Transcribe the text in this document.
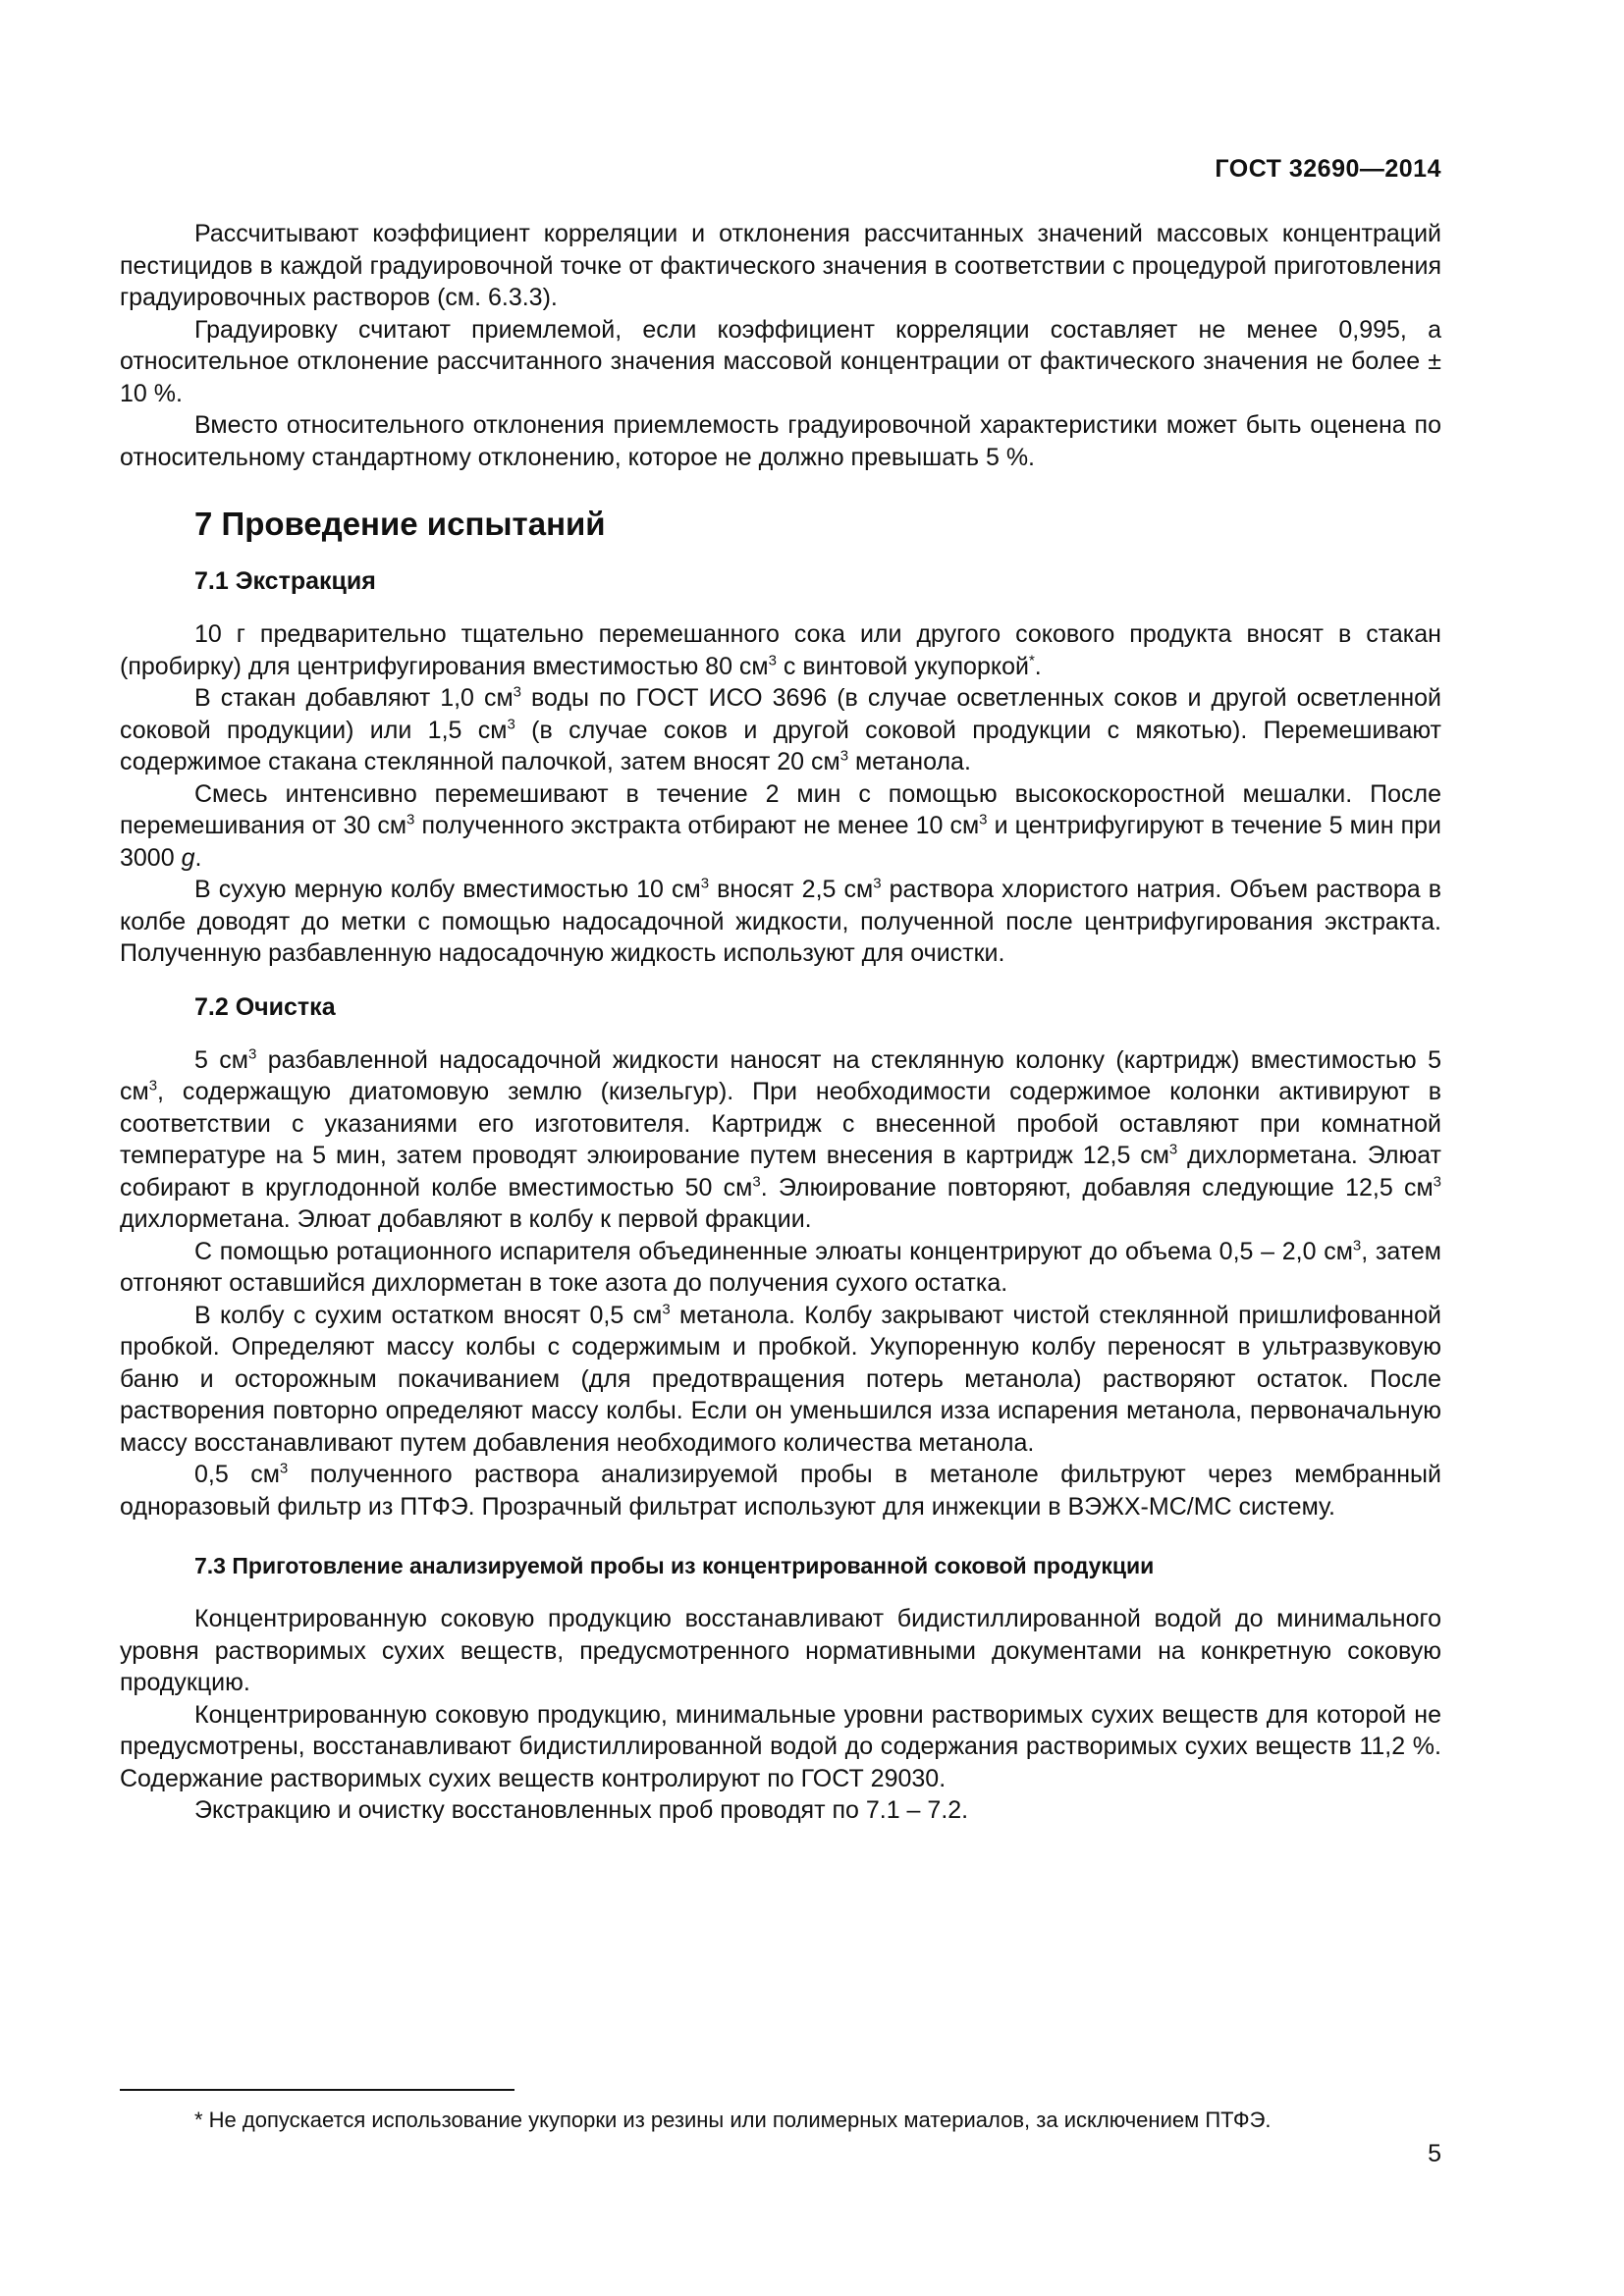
ГОСТ 32690—2014

Рассчитывают коэффициент корреляции и отклонения рассчитанных значений массовых концентраций пестицидов в каждой градуировочной точке от фактического значения в соответствии с процедурой приготовления градуировочных растворов (см. 6.3.3).

Градуировку считают приемлемой, если коэффициент корреляции составляет не менее 0,995, а относительное отклонение рассчитанного значения массовой концентрации от фактического значения не более ± 10 %.

Вместо относительного отклонения приемлемость градуировочной характеристики может быть оценена по относительному стандартному отклонению, которое не должно превышать 5 %.

7 Проведение испытаний
7.1 Экстракция

10 г предварительно тщательно перемешанного сока или другого сокового продукта вносят в стакан (пробирку) для центрифугирования вместимостью 80 $см^3$ с винтовой укупоркой*.

В стакан добавляют 1,0 $см^3$ воды по ГОСТ ИСО 3696 (в случае осветленных соков и другой осветленной соковой продукции) или 1,5 $см^3$ (в случае соков и другой соковой продукции с мякотью). Перемешивают содержимое стакана стеклянной палочкой, затем вносят 20 $см^3$ метанола.

Смесь интенсивно перемешивают в течение 2 мин с помощью высокоскоростной мешалки. После перемешивания от 30 $см^3$ полученного экстракта отбирают не менее 10 $см^3$ и центрифугируют в течение 5 мин при 3000 g.

В сухую мерную колбу вместимостью 10 $см^3$ вносят 2,5 $см^3$ раствора хлористого натрия. Объем раствора в колбе доводят до метки с помощью надосадочной жидкости, полученной после центрифугирования экстракта. Полученную разбавленную надосадочную жидкость используют для очистки.

7.2 Очистка

5 $см^3$ разбавленной надосадочной жидкости наносят на стеклянную колонку (картридж) вместимостью 5 $см^3$, содержащую диатомовую землю (кизельгур). При необходимости содержимое колонки активируют в соответствии с указаниями его изготовителя. Картридж с внесенной пробой оставляют при комнатной температуре на 5 мин, затем проводят элюирование путем внесения в картридж 12,5 $см^3$ дихлорметана. Элюат собирают в круглодонной колбе вместимостью 50 $см^3$. Элюирование повторяют, добавляя следующие 12,5 $см^3$ дихлорметана. Элюат добавляют в колбу к первой фракции.

С помощью ротационного испарителя объединенные элюаты концентрируют до объема 0,5 – 2,0 $см^3$, затем отгоняют оставшийся дихлорметан в токе азота до получения сухого остатка.

В колбу с сухим остатком вносят 0,5 $см^3$ метанола. Колбу закрывают чистой стеклянной пришлифованной пробкой. Определяют массу колбы с содержимым и пробкой. Укупоренную колбу переносят в ультразвуковую баню и осторожным покачиванием (для предотвращения потерь метанола) растворяют остаток. После растворения повторно определяют массу колбы. Если он уменьшился изза испарения метанола, первоначальную массу восстанавливают путем добавления необходимого количества метанола.

0,5 $см^3$ полученного раствора анализируемой пробы в метаноле фильтруют через мембранный одноразовый фильтр из ПТФЭ. Прозрачный фильтрат используют для инжекции в ВЭЖХ-МС/МС систему.

7.3 Приготовление анализируемой пробы из концентрированной соковой продукции

Концентрированную соковую продукцию восстанавливают бидистиллированной водой до минимального уровня растворимых сухих веществ, предусмотренного нормативными документами на конкретную соковую продукцию.

Концентрированную соковую продукцию, минимальные уровни растворимых сухих веществ для которой не предусмотрены, восстанавливают бидистиллированной водой до содержания растворимых сухих веществ 11,2 %. Содержание растворимых сухих веществ контролируют по ГОСТ 29030.

Экстракцию и очистку восстановленных проб проводят по 7.1 – 7.2.

* Не допускается использование укупорки из резины или полимерных материалов, за исключением ПТФЭ.
5
